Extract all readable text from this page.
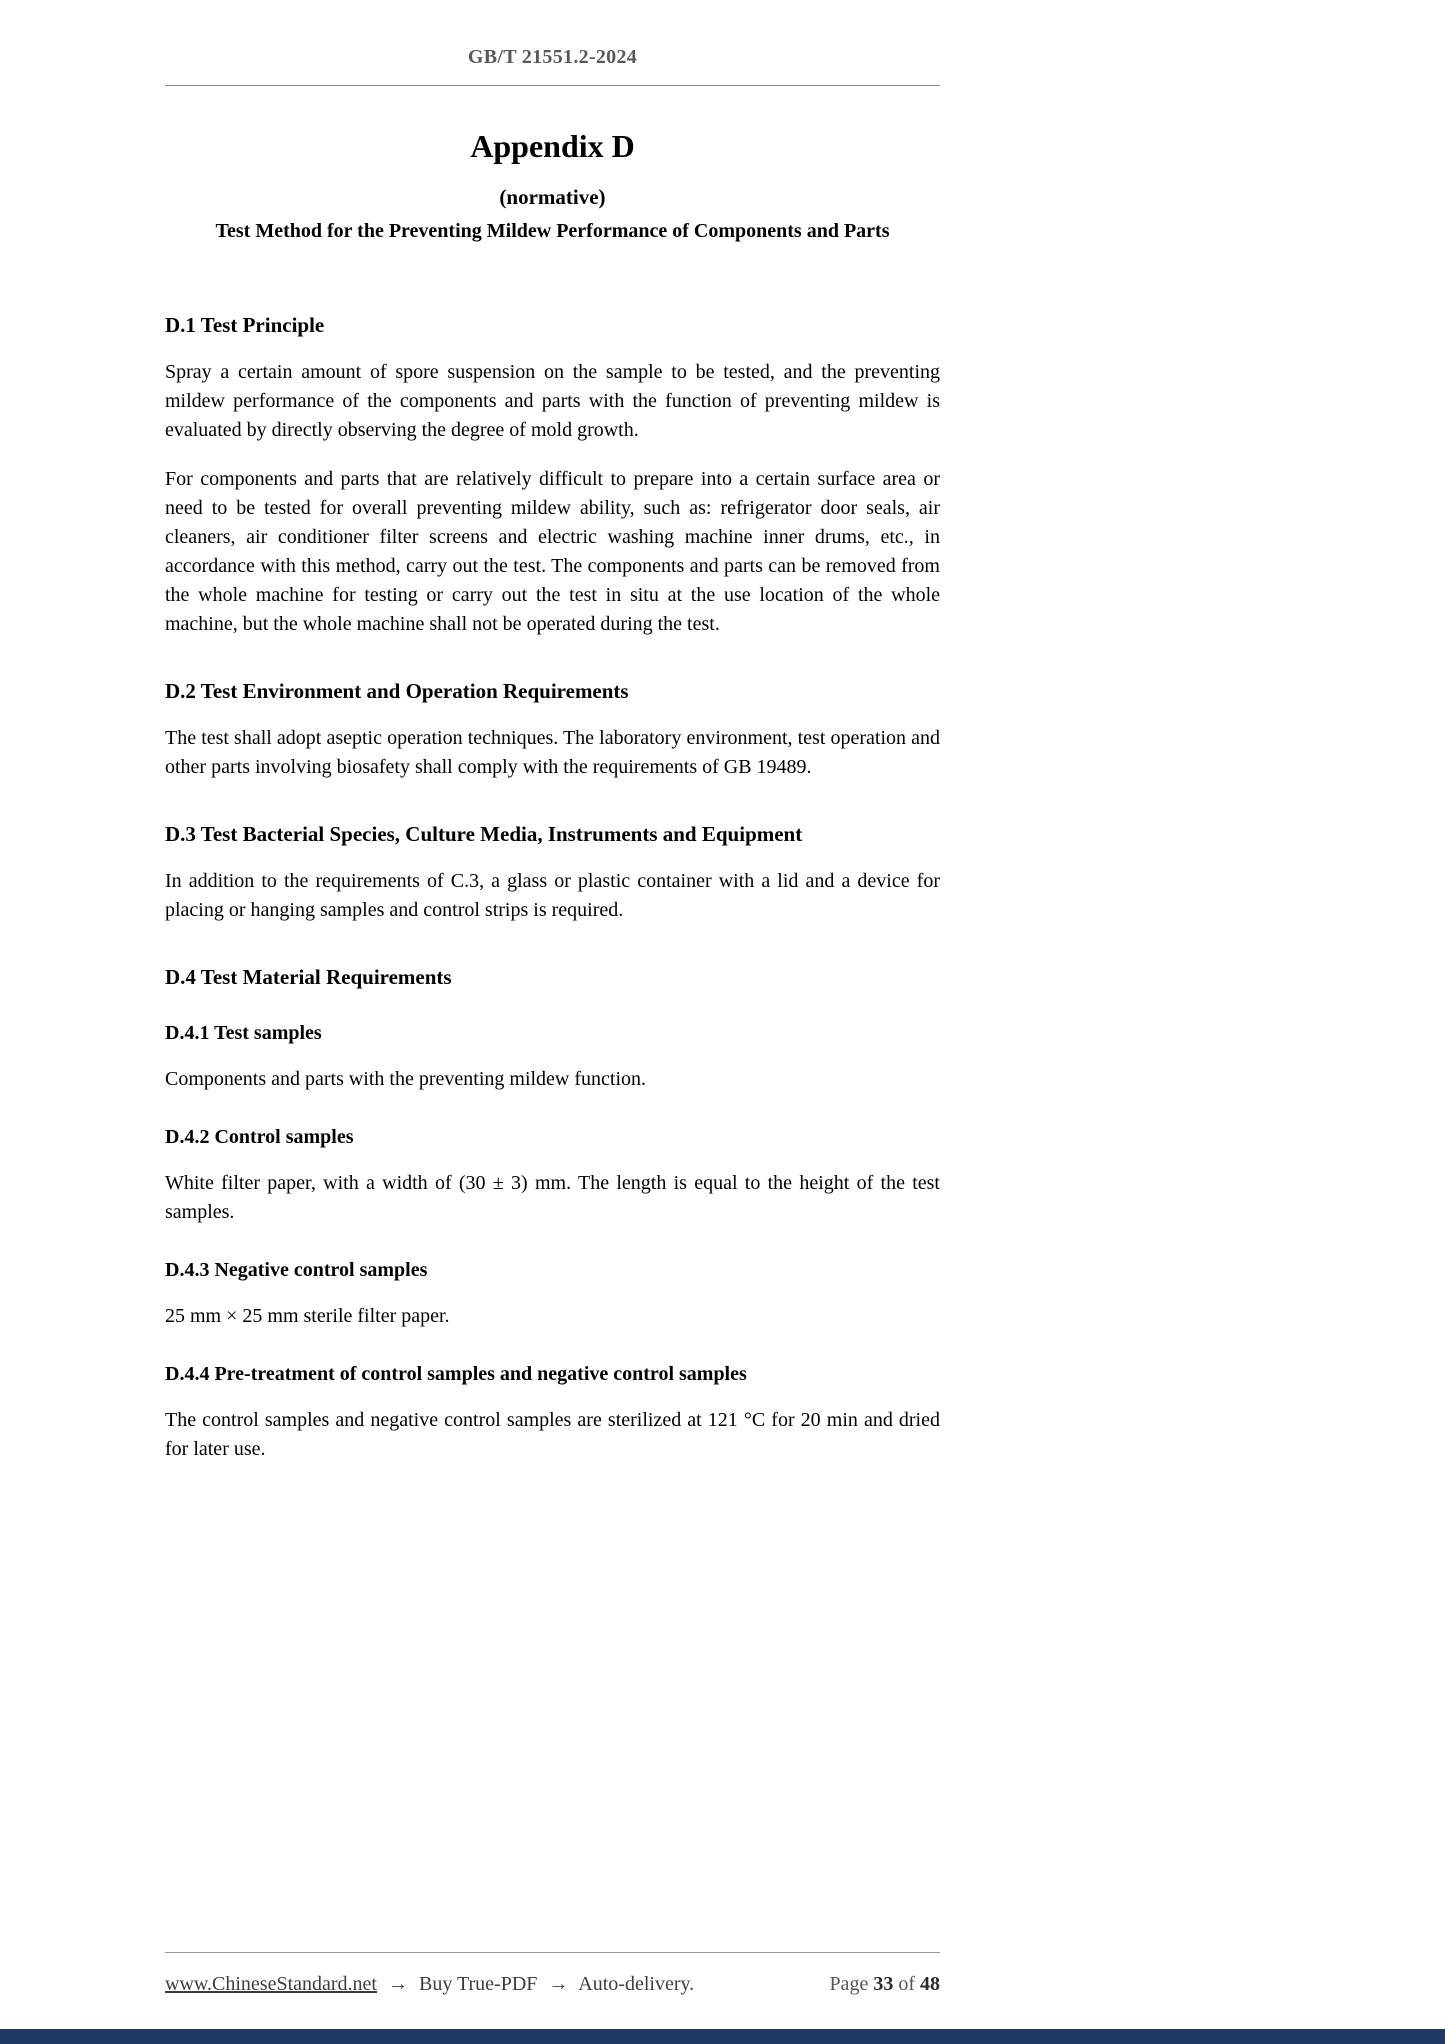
GB/T 21551.2-2024
Appendix D
(normative)
Test Method for the Preventing Mildew Performance of Components and Parts
D.1 Test Principle

Spray a certain amount of spore suspension on the sample to be tested, and the preventing mildew performance of the components and parts with the function of preventing mildew is evaluated by directly observing the degree of mold growth.

For components and parts that are relatively difficult to prepare into a certain surface area or need to be tested for overall preventing mildew ability, such as: refrigerator door seals, air cleaners, air conditioner filter screens and electric washing machine inner drums, etc., in accordance with this method, carry out the test. The components and parts can be removed from the whole machine for testing or carry out the test in situ at the use location of the whole machine, but the whole machine shall not be operated during the test.

D.2 Test Environment and Operation Requirements

The test shall adopt aseptic operation techniques. The laboratory environment, test operation and other parts involving biosafety shall comply with the requirements of GB 19489.

D.3 Test Bacterial Species, Culture Media, Instruments and Equipment

In addition to the requirements of C.3, a glass or plastic container with a lid and a device for placing or hanging samples and control strips is required.

D.4 Test Material Requirements
D.4.1 Test samples

Components and parts with the preventing mildew function.

D.4.2 Control samples

White filter paper, with a width of (30 ± 3) mm. The length is equal to the height of the test samples.

D.4.3 Negative control samples

25 mm × 25 mm sterile filter paper.

D.4.4 Pre-treatment of control samples and negative control samples

The control samples and negative control samples are sterilized at 121 °C for 20 min and dried for later use.

www.ChineseStandard.net → Buy True-PDF → Auto-delivery.	Page 33 of 48
